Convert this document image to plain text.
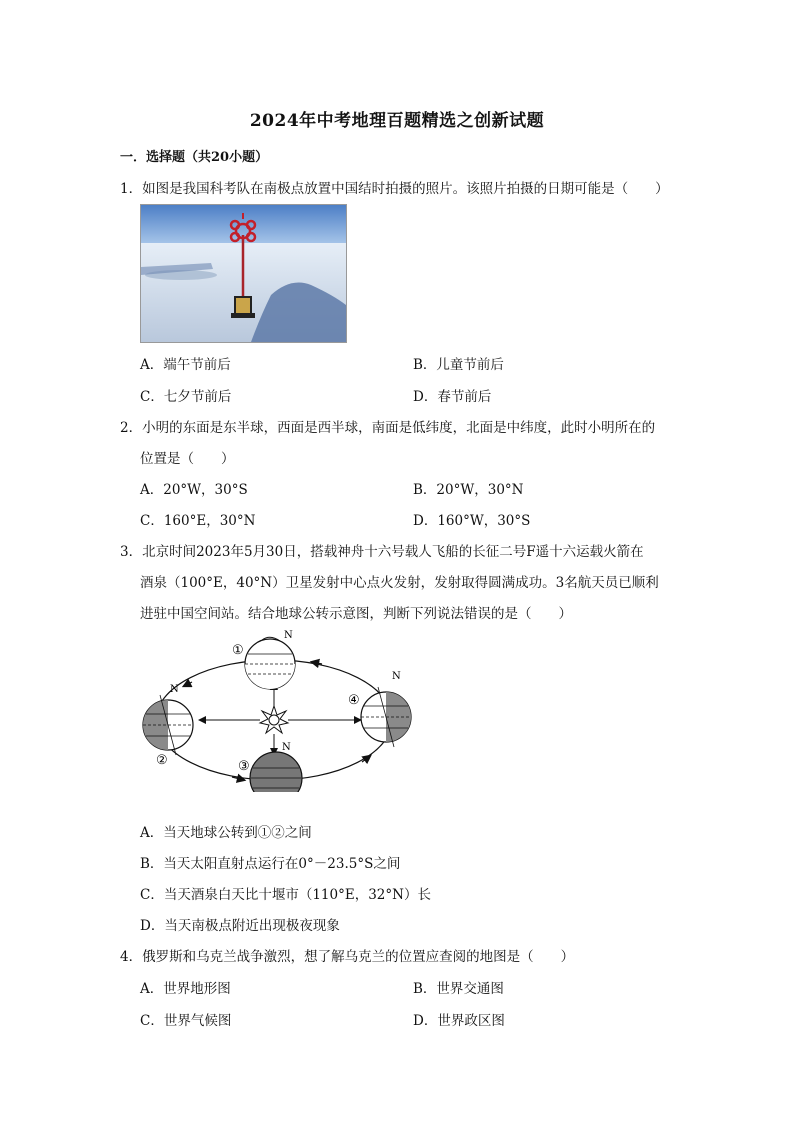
2024年中考地理百题精选之创新试题
一．选择题（共20小题）
1．如图是我国科考队在南极点放置中国结时拍摄的照片。该照片拍摄的日期可能是（　　）
A．端午节前后	B．儿童节前后
C．七夕节前后	D．春节前后
2．小明的东面是东半球，西面是西半球，南面是低纬度，北面是中纬度，此时小明所在的
位置是（　　）
A．20°W，30°S	B．20°W，30°N
C．160°E，30°N	D．160°W，30°S
3．北京时间2023年5月30日，搭载神舟十六号载人飞船的长征二号F遥十六运载火箭在
酒泉（100°E，40°N）卫星发射中心点火发射，发射取得圆满成功。3名航天员已顺利
进驻中国空间站。结合地球公转示意图，判断下列说法错误的是（　　）
①
②	③
④
N
N
N
N
A．当天地球公转到①②之间
B．当天太阳直射点运行在0°－23.5°S之间
C．当天酒泉白天比十堰市（110°E，32°N）长
D．当天南极点附近出现极夜现象
4．俄罗斯和乌克兰战争激烈，想了解乌克兰的位置应查阅的地图是（　　）
A．世界地形图	B．世界交通图
C．世界气候图	D．世界政区图
